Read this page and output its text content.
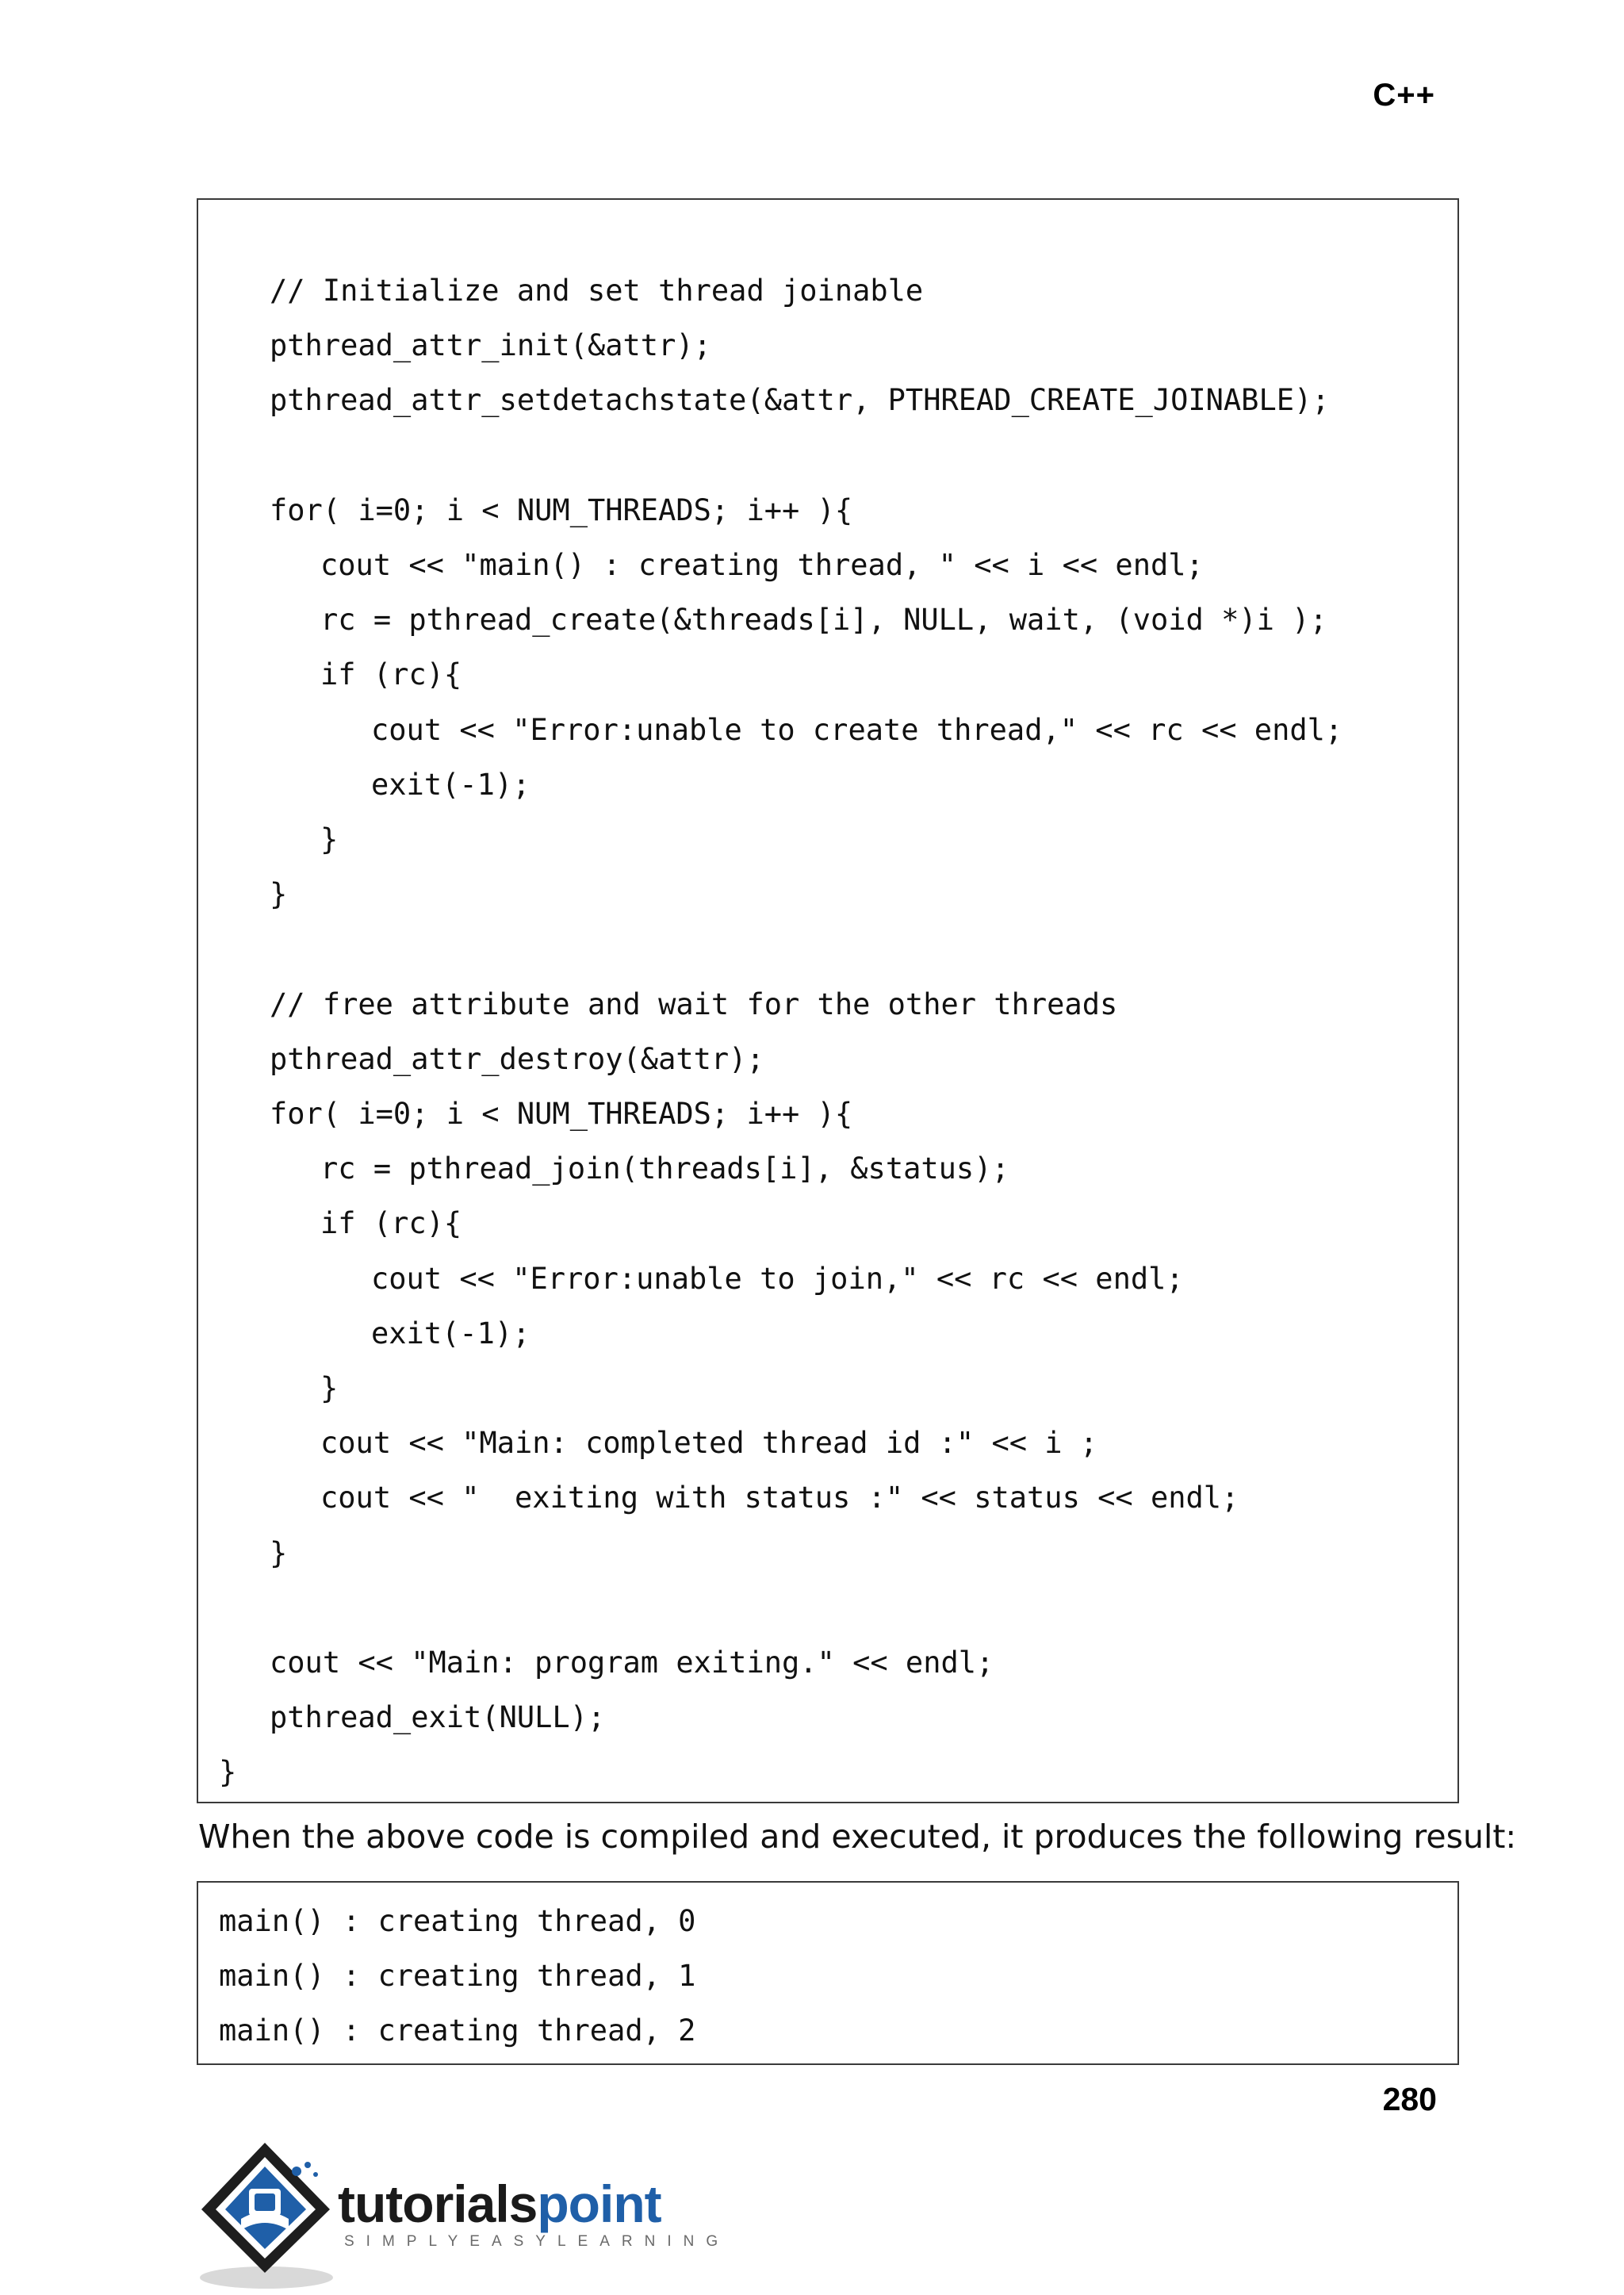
C++
// Initialize and set thread joinable
pthread_attr_init(&attr);
pthread_attr_setdetachstate(&attr, PTHREAD_CREATE_JOINABLE);
for( i=0; i < NUM_THREADS; i++ ){
cout << "main() : creating thread, " << i << endl;
rc = pthread_create(&threads[i], NULL, wait, (void *)i );
if (rc){
cout << "Error:unable to create thread," << rc << endl;
exit(-1);
}
}
// free attribute and wait for the other threads
pthread_attr_destroy(&attr);
for( i=0; i < NUM_THREADS; i++ ){
rc = pthread_join(threads[i], &status);
if (rc){
cout << "Error:unable to join," << rc << endl;
exit(-1);
}
cout << "Main: completed thread id :" << i ;
cout << "  exiting with status :" << status << endl;
}
cout << "Main: program exiting." << endl;
pthread_exit(NULL);
}
When the above code is compiled and executed, it produces the following result:
main() : creating thread, 0
main() : creating thread, 1
main() : creating thread, 2
280
tutorialspoint
SIMPLYEASYLEARNING
